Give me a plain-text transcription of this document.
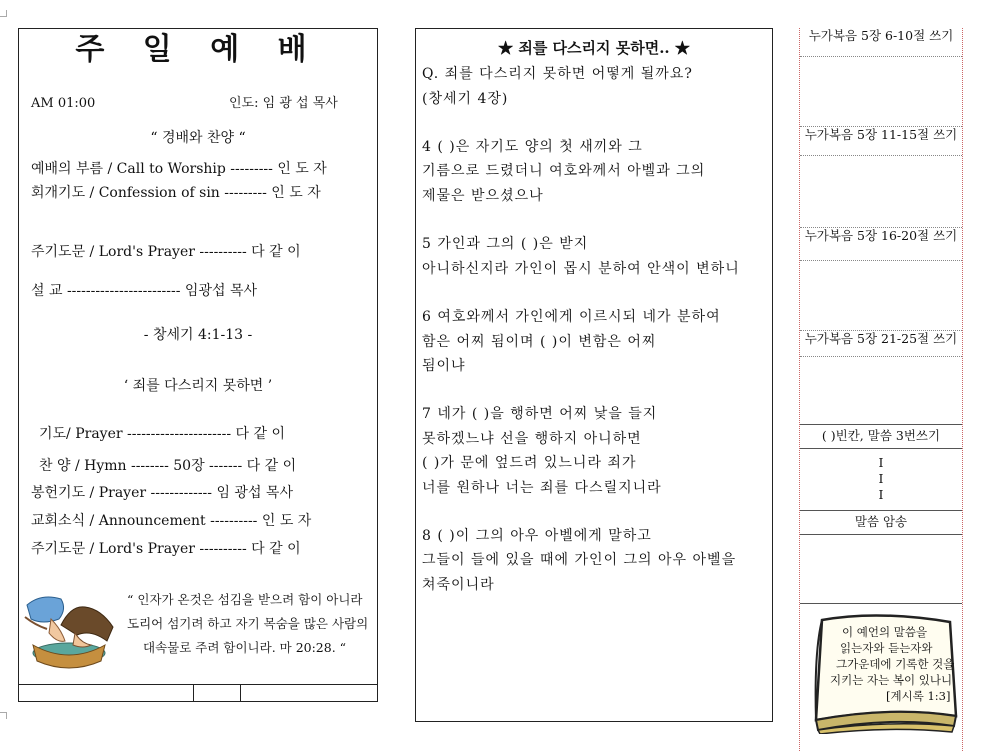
주 일 예 배
AM 01:00	인도: 임 광 섭 목사
“ 경배와 찬양 “
예배의 부름 / Call to Worship --------- 인 도 자
회개기도 / Confession of sin --------- 인 도 자
주기도문 / Lord's Prayer ---------- 다 같 이
설 교 ------------------------ 임광섭 목사
- 창세기 4:1-13 -
‘ 죄를 다스리지 못하면 ’
기도/ Prayer ---------------------- 다 같 이
찬 양 / Hymn -------- 50장 ------- 다 같 이
봉헌기도 / Prayer ------------- 임 광섭 목사
교회소식 / Announcement ---------- 인 도 자
주기도문 / Lord's Prayer ---------- 다 같 이
“ 인자가 온것은 섬김을 받으려 함이 아니라
도리어 섬기려 하고 자기 목숨을 많은 사람의
대속물로 주려 함이니라. 마 20:28. “
★ 죄를 다스리지 못하면.. ★
Q. 죄를 다스리지 못하면 어떻게 될까요?
(창세기 4장)
4 ( )은 자기도 양의 첫 새끼와 그
기름으로 드렸더니 여호와께서 아벨과 그의
제물은 받으셨으나
5 가인과 그의 ( )은 받지
아니하신지라 가인이 몹시 분하여 안색이 변하니
6 여호와께서 가인에게 이르시되 네가 분하여
함은 어찌 됨이며 ( )이 변함은 어찌
됨이냐
7 네가 ( )을 행하면 어찌 낯을 들지
못하겠느냐 선을 행하지 아니하면
( )가 문에 엎드려 있느니라 죄가
너를 원하나 너는 죄를 다스릴지니라
8 ( )이 그의 아우 아벨에게 말하고
그들이 들에 있을 때에 가인이 그의 아우 아벨을
쳐죽이니라
누가복음 5장 6-10절 쓰기
누가복음 5장 11-15절 쓰기
누가복음 5장 16-20절 쓰기
누가복음 5장 21-25절 쓰기
( )빈칸, 말씀 3번쓰기
I
I
I
말씀 암송
이 예언의 말씀을
읽는자와 듣는자와
그가운데에 기록한 것을
지키는 자는 복이 있나니
[계시록 1:3]
